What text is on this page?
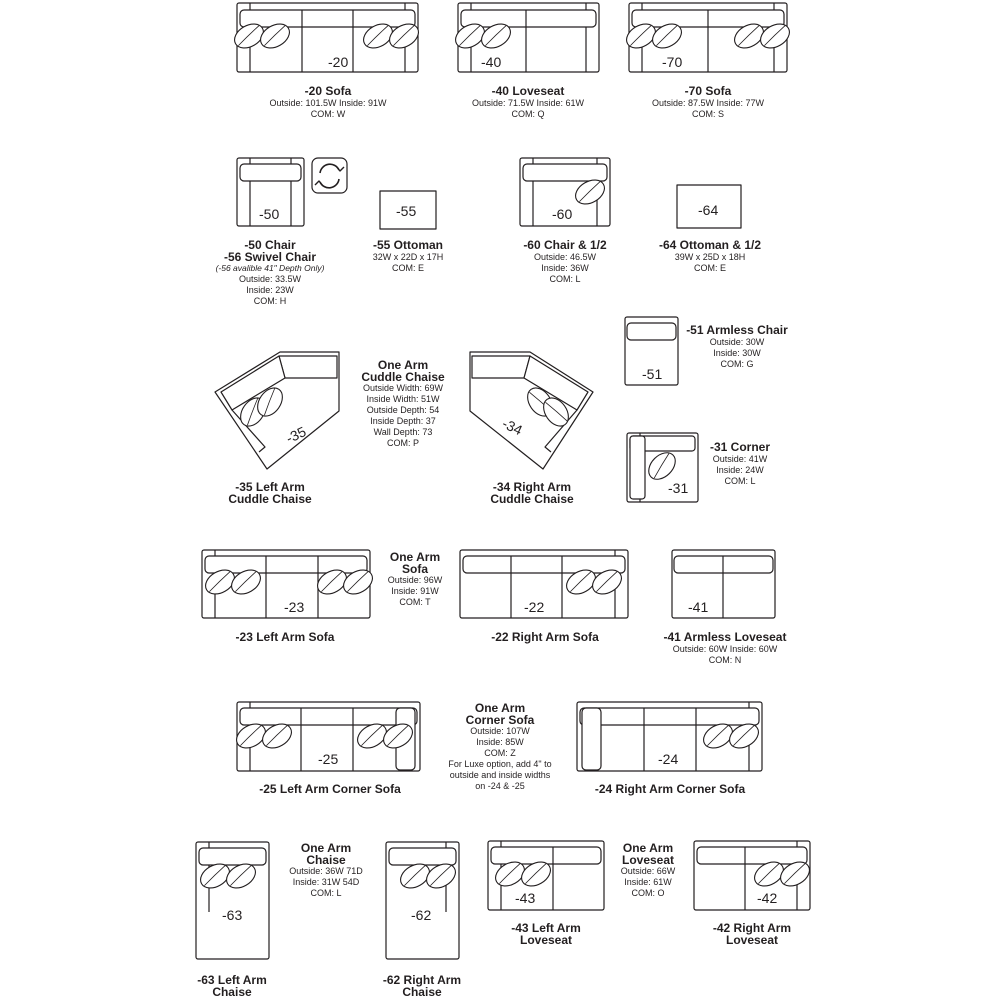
-20	-40	-70
-50	-55	-60	-64
-51
-31
-35	-34
-23	-22	-41
-25	-24
-63	-62
-43	-42
-20 Sofa
Outside: 101.5W Inside: 91W
COM: W
-40 Loveseat
Outside: 71.5W Inside: 61W
COM: Q
-70 Sofa
Outside: 87.5W Inside: 77W
COM: S
-50 Chair
-56 Swivel Chair
(-56 avalible 41" Depth Only)
Outside: 33.5W
Inside: 23W
COM: H
-55 Ottoman
32W x 22D x 17H
COM: E
-60 Chair & 1/2
Outside: 46.5W
Inside: 36W
COM: L
-64 Ottoman & 1/2
39W x 25D x 18H
COM: E
-51 Armless Chair
Outside: 30W
Inside: 30W
COM: G
-31 Corner
Outside: 41W
Inside: 24W
COM: L
One Arm
Cuddle Chaise
Outside Width: 69W
Inside Width: 51W
Outside Depth: 54
Inside Depth: 37
Wall Depth: 73
COM: P
-35 Left Arm
Cuddle Chaise
-34 Right Arm
Cuddle Chaise
One Arm
Sofa
Outside: 96W
Inside: 91W
COM: T
-23 Left Arm Sofa	-22 Right Arm Sofa	-41 Armless Loveseat
Outside: 60W Inside: 60W
COM: N
One Arm
Corner Sofa
Outside: 107W
Inside: 85W
COM: Z
For Luxe option, add 4" to
outside and inside widths
on -24 & -25
-25 Left Arm Corner Sofa	-24 Right Arm Corner Sofa
One Arm
Chaise
Outside: 36W 71D
Inside: 31W 54D
COM: L
One Arm
Loveseat
Outside: 66W
Inside: 61W
COM: O
-43 Left Arm
Loveseat
-42 Right Arm
Loveseat
-63 Left Arm
Chaise
-62 Right Arm
Chaise
